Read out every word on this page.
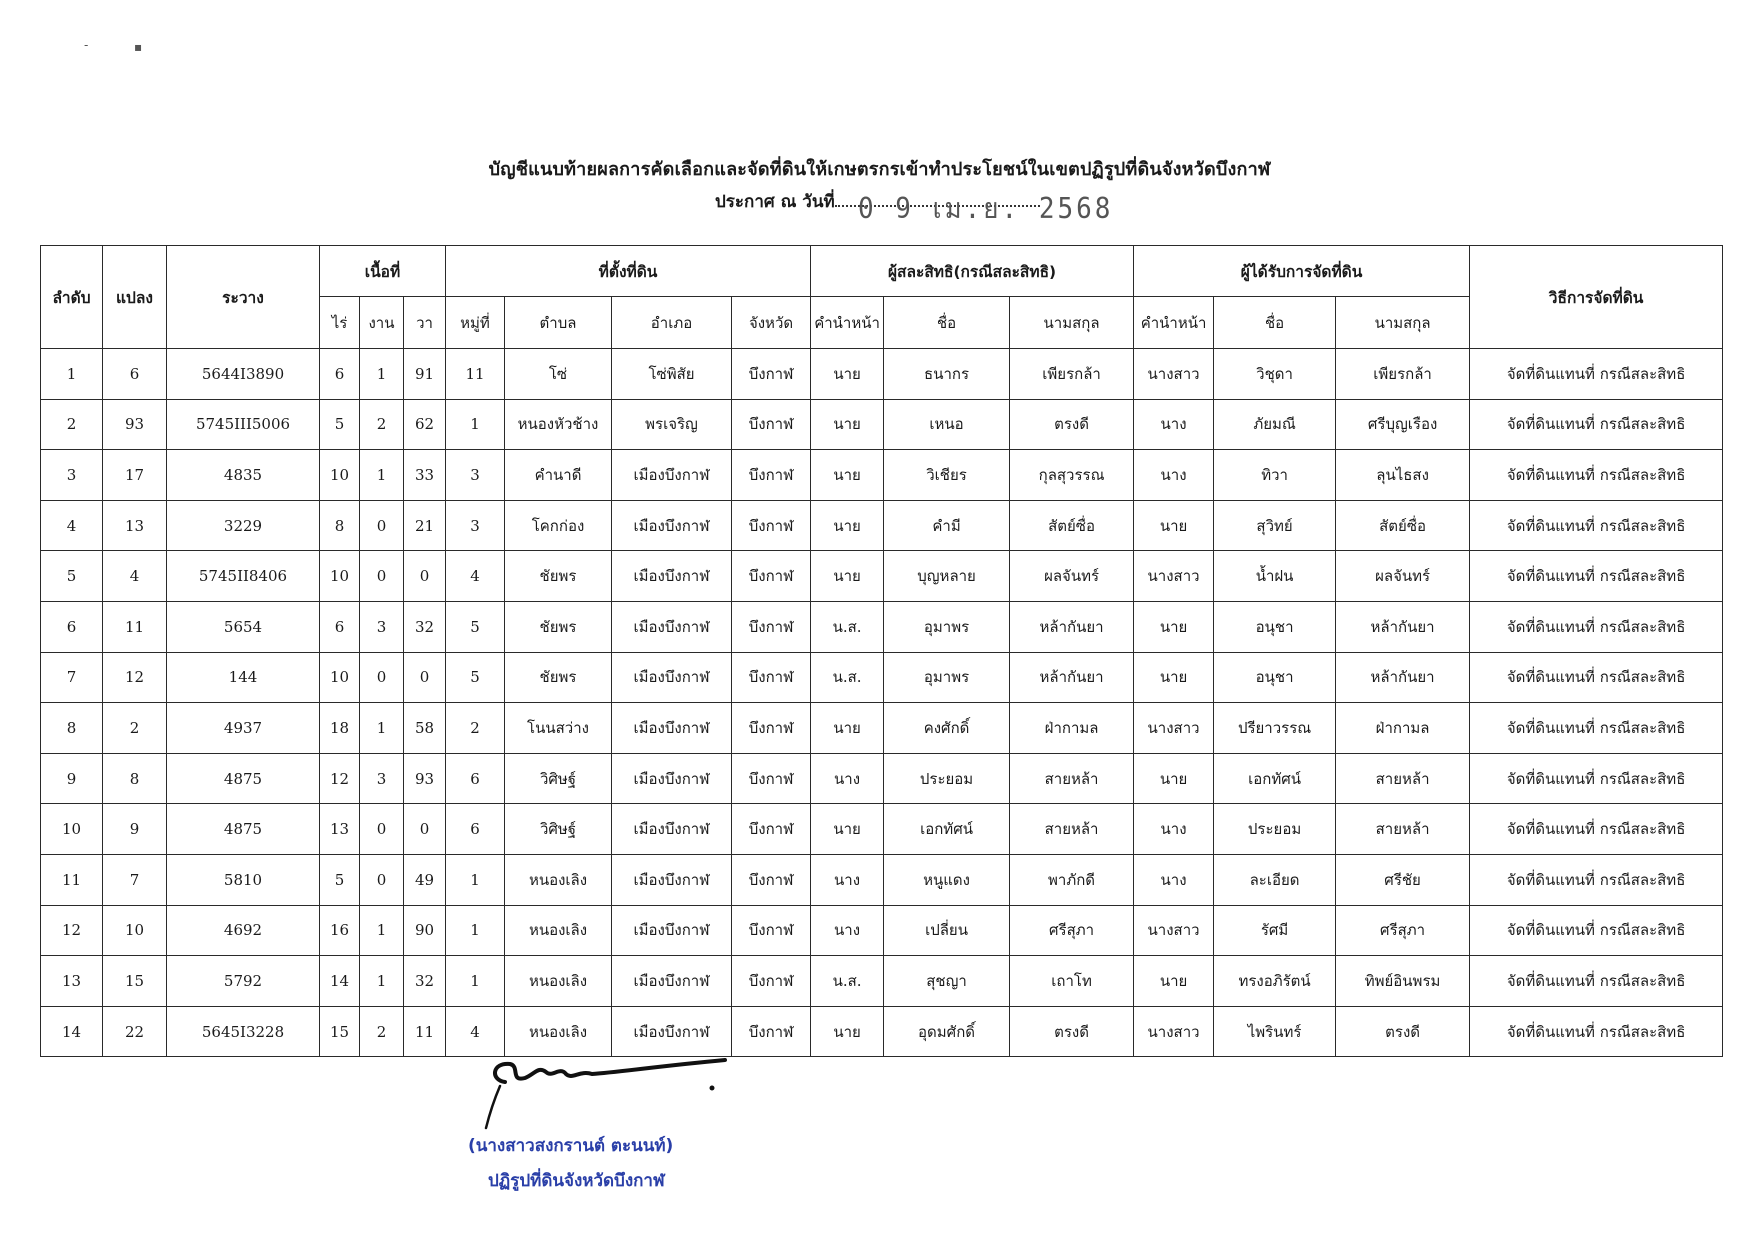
-	▪
บัญชีแนบท้ายผลการคัดเลือกและจัดที่ดินให้เกษตรกรเข้าทำประโยชน์ในเขตปฏิรูปที่ดินจังหวัดบึงกาฬ
ประกาศ ณ วันที่ 0 9 เม.ย. 2568
ลำดับ	แปลง	ระวาง	เนื้อที่			ที่ตั้งที่ดิน				ผู้สละสิทธิ(กรณีสละสิทธิ)			ผู้ได้รับการจัดที่ดิน			วิธีการจัดที่ดิน
			ไร่	งาน	วา	หมู่ที่	ตำบล	อำเภอ	จังหวัด	คำนำหน้า	ชื่อ	นามสกุล	คำนำหน้า	ชื่อ	นามสกุล	
1	6	5644I3890	6	1	91	11	โซ่	โซ่พิสัย	บึงกาฬ	นาย	ธนากร	เพียรกล้า	นางสาว	วิชุดา	เพียรกล้า	จัดที่ดินแทนที่ กรณีสละสิทธิ
2	93	5745III5006	5	2	62	1	หนองหัวช้าง	พรเจริญ	บึงกาฬ	นาย	เหนอ	ตรงดี	นาง	ภัยมณี	ศรีบุญเรือง	จัดที่ดินแทนที่ กรณีสละสิทธิ
3	17	4835	10	1	33	3	คำนาดี	เมืองบึงกาฬ	บึงกาฬ	นาย	วิเชียร	กุลสุวรรณ	นาง	ทิวา	ลุนไธสง	จัดที่ดินแทนที่ กรณีสละสิทธิ
4	13	3229	8	0	21	3	โคกก่อง	เมืองบึงกาฬ	บึงกาฬ	นาย	คำมี	สัตย์ซื่อ	นาย	สุวิทย์	สัตย์ซื่อ	จัดที่ดินแทนที่ กรณีสละสิทธิ
5	4	5745II8406	10	0	0	4	ชัยพร	เมืองบึงกาฬ	บึงกาฬ	นาย	บุญหลาย	ผลจันทร์	นางสาว	น้ำฝน	ผลจันทร์	จัดที่ดินแทนที่ กรณีสละสิทธิ
6	11	5654	6	3	32	5	ชัยพร	เมืองบึงกาฬ	บึงกาฬ	น.ส.	อุมาพร	หล้ากันยา	นาย	อนุชา	หล้ากันยา	จัดที่ดินแทนที่ กรณีสละสิทธิ
7	12	144	10	0	0	5	ชัยพร	เมืองบึงกาฬ	บึงกาฬ	น.ส.	อุมาพร	หล้ากันยา	นาย	อนุชา	หล้ากันยา	จัดที่ดินแทนที่ กรณีสละสิทธิ
8	2	4937	18	1	58	2	โนนสว่าง	เมืองบึงกาฬ	บึงกาฬ	นาย	คงศักดิ์	ฝ่ากามล	นางสาว	ปรียาวรรณ	ฝ่ากามล	จัดที่ดินแทนที่ กรณีสละสิทธิ
9	8	4875	12	3	93	6	วิศิษฐ์	เมืองบึงกาฬ	บึงกาฬ	นาง	ประยอม	สายหล้า	นาย	เอกทัศน์	สายหล้า	จัดที่ดินแทนที่ กรณีสละสิทธิ
10	9	4875	13	0	0	6	วิศิษฐ์	เมืองบึงกาฬ	บึงกาฬ	นาย	เอกทัศน์	สายหล้า	นาง	ประยอม	สายหล้า	จัดที่ดินแทนที่ กรณีสละสิทธิ
11	7	5810	5	0	49	1	หนองเลิง	เมืองบึงกาฬ	บึงกาฬ	นาง	หนูแดง	พาภักดี	นาง	ละเอียด	ศรีชัย	จัดที่ดินแทนที่ กรณีสละสิทธิ
12	10	4692	16	1	90	1	หนองเลิง	เมืองบึงกาฬ	บึงกาฬ	นาง	เปลี่ยน	ศรีสุภา	นางสาว	รัศมี	ศรีสุภา	จัดที่ดินแทนที่ กรณีสละสิทธิ
13	15	5792	14	1	32	1	หนองเลิง	เมืองบึงกาฬ	บึงกาฬ	น.ส.	สุชญา	เถาโท	นาย	ทรงอภิรัตน์	ทิพย์อินพรม	จัดที่ดินแทนที่ กรณีสละสิทธิ
14	22	5645I3228	15	2	11	4	หนองเลิง	เมืองบึงกาฬ	บึงกาฬ	นาย	อุดมศักดิ์	ตรงดี	นางสาว	ไพรินทร์	ตรงดี	จัดที่ดินแทนที่ กรณีสละสิทธิ
(นางสาวสงกรานต์ ตะนนท์)
ปฏิรูปที่ดินจังหวัดบึงกาฬ
